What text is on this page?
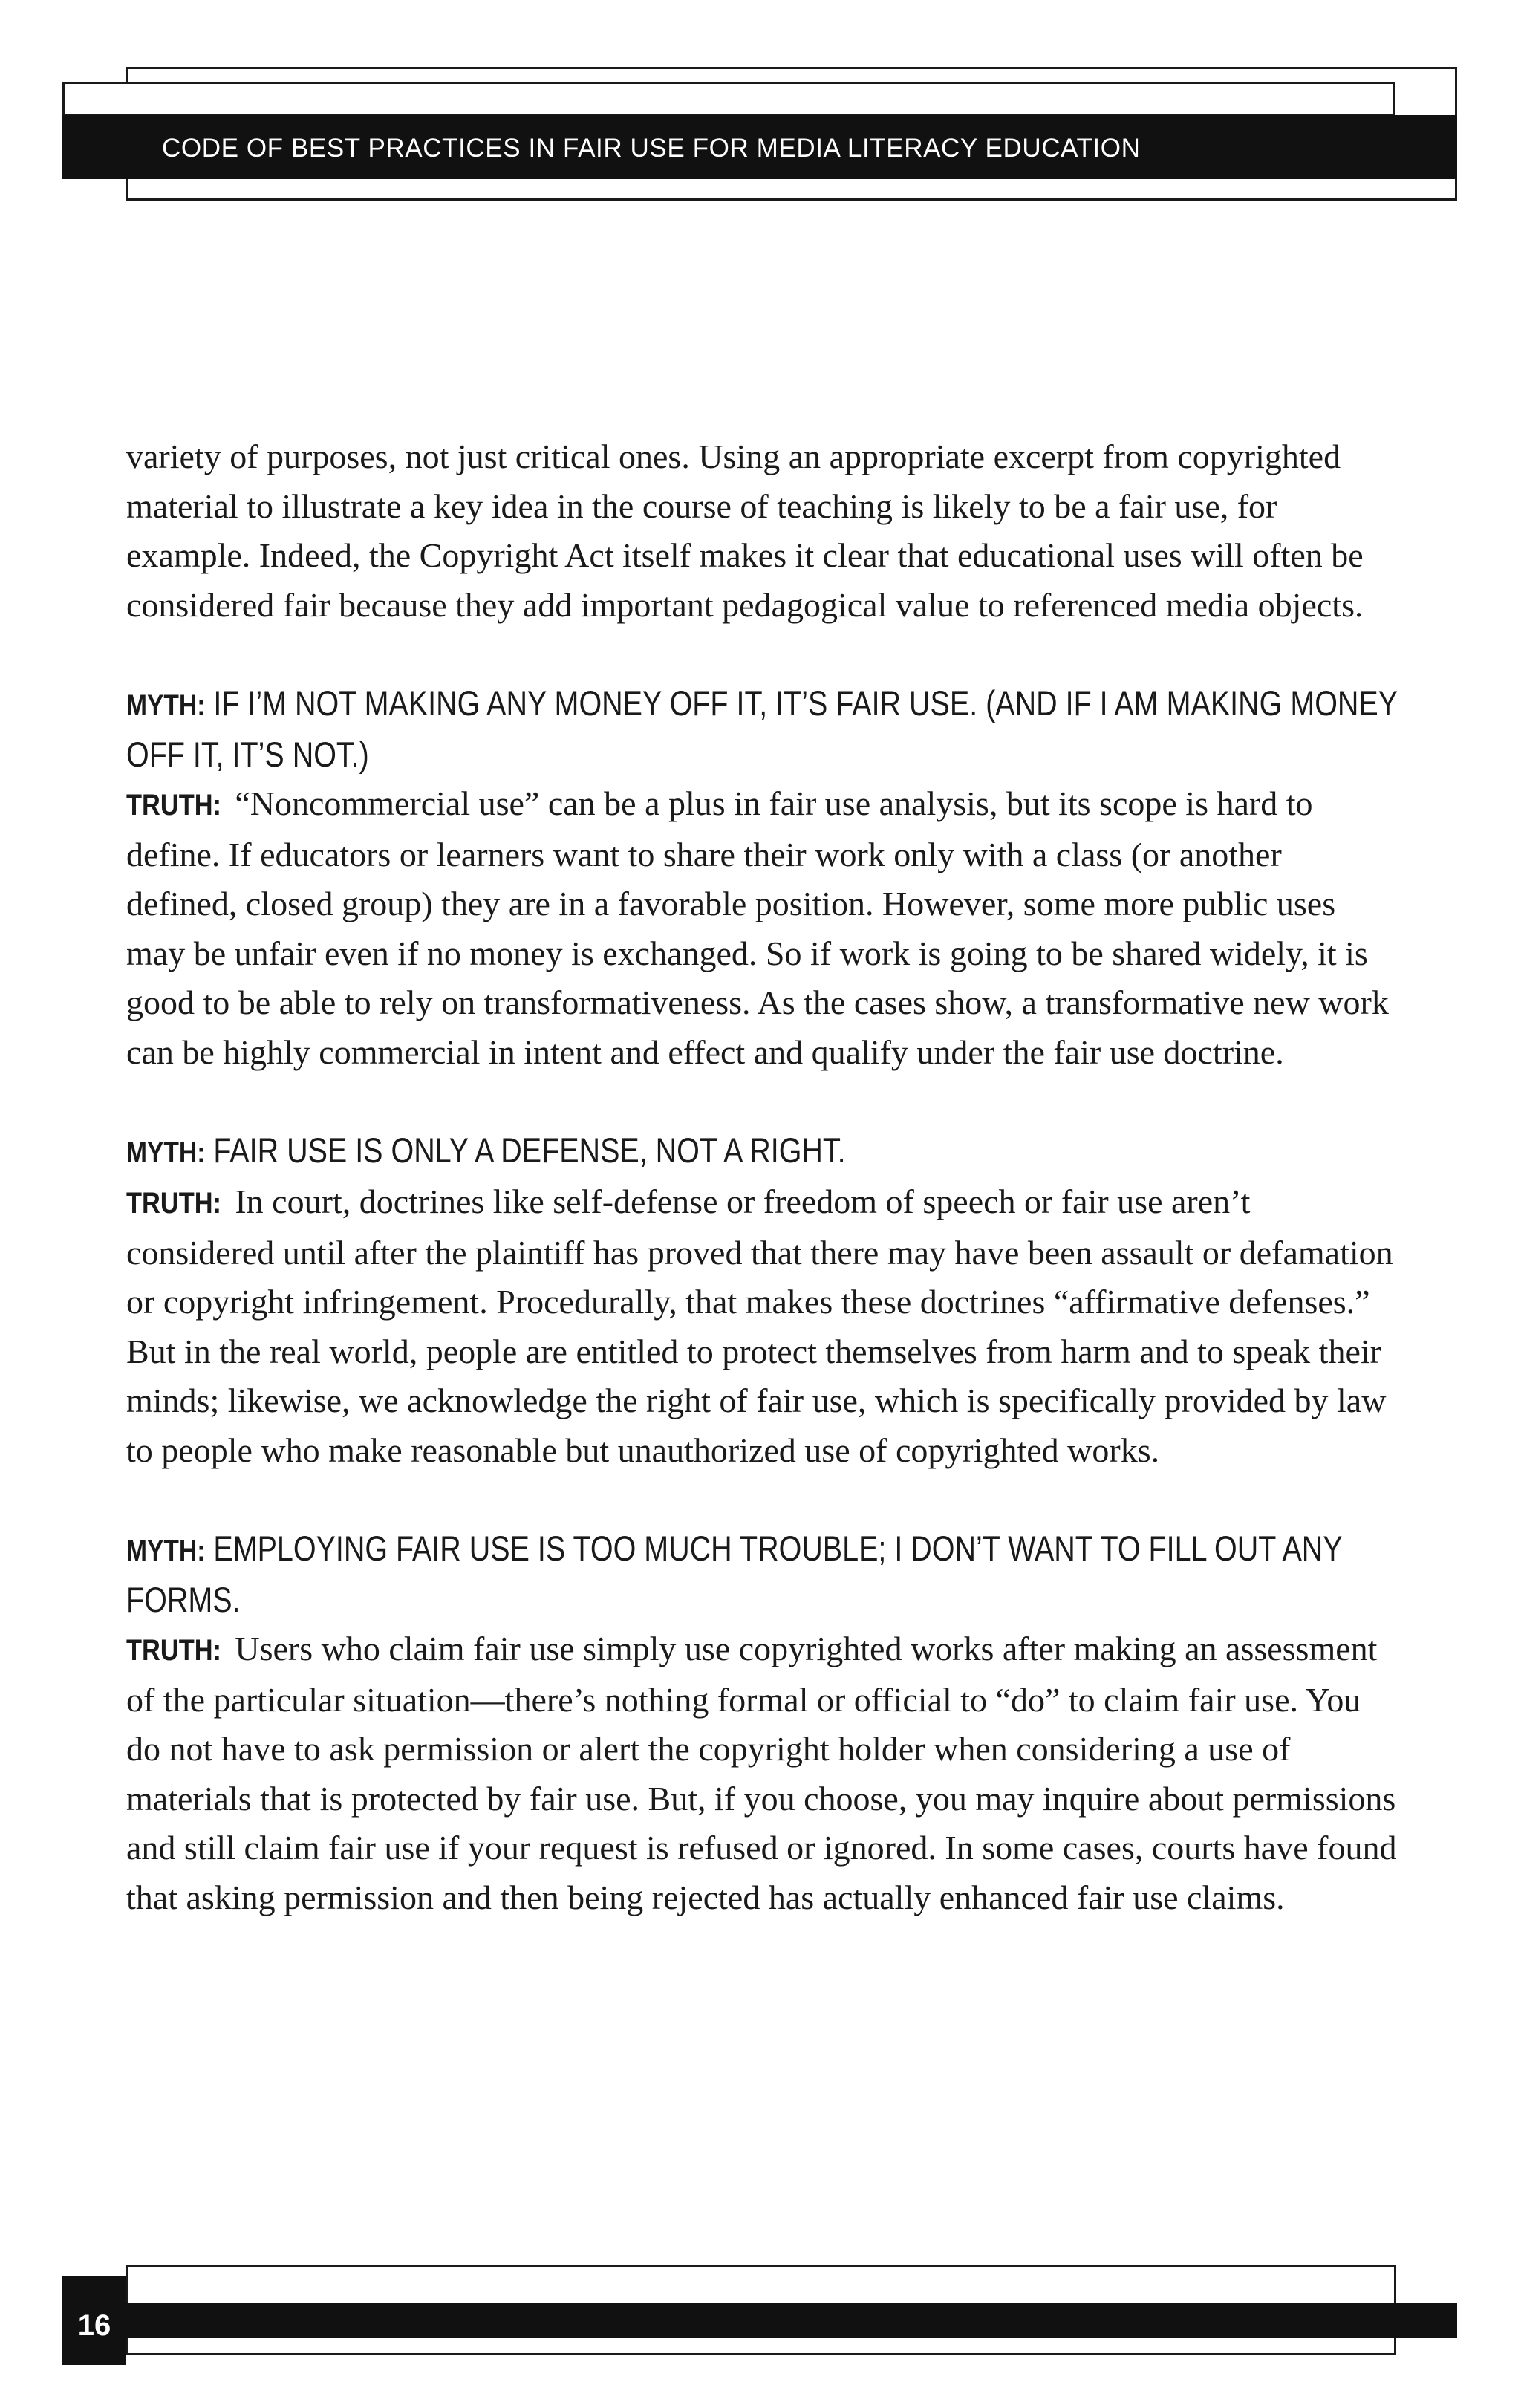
CODE OF BEST PRACTICES IN FAIR USE FOR MEDIA LITERACY EDUCATION

variety of purposes, not just critical ones. Using an appropriate excerpt from copyrighted material to illustrate a key idea in the course of teaching is likely to be a fair use, for example. Indeed, the Copyright Act itself makes it clear that educational uses will often be considered fair because they add important pedagogical value to referenced media objects.

MYTH: IF I’M NOT MAKING ANY MONEY OFF IT, IT’S FAIR USE. (AND IF I AM MAKING MONEY OFF IT, IT’S NOT.)

TRUTH: “Noncommercial use” can be a plus in fair use analysis, but its scope is hard to define. If educators or learners want to share their work only with a class (or another defined, closed group) they are in a favorable position. However, some more public uses may be unfair even if no money is exchanged. So if work is going to be shared widely, it is good to be able to rely on transformativeness. As the cases show, a transformative new work can be highly commercial in intent and effect and qualify under the fair use doctrine.

MYTH: FAIR USE IS ONLY A DEFENSE, NOT A RIGHT.

TRUTH: In court, doctrines like self-defense or freedom of speech or fair use aren’t considered until after the plaintiff has proved that there may have been assault or defamation or copyright infringement. Procedurally, that makes these doctrines “affirmative defenses.” But in the real world, people are entitled to protect themselves from harm and to speak their minds; likewise, we acknowledge the right of fair use, which is specifically provided by law to people who make reasonable but unauthorized use of copyrighted works.

MYTH: EMPLOYING FAIR USE IS TOO MUCH TROUBLE; I DON’T WANT TO FILL OUT ANY FORMS.

TRUTH: Users who claim fair use simply use copyrighted works after making an assessment of the particular situation—there’s nothing formal or official to “do” to claim fair use. You do not have to ask permission or alert the copyright holder when considering a use of materials that is protected by fair use. But, if you choose, you may inquire about permissions and still claim fair use if your request is refused or ignored. In some cases, courts have found that asking permission and then being rejected has actually enhanced fair use claims.

16
